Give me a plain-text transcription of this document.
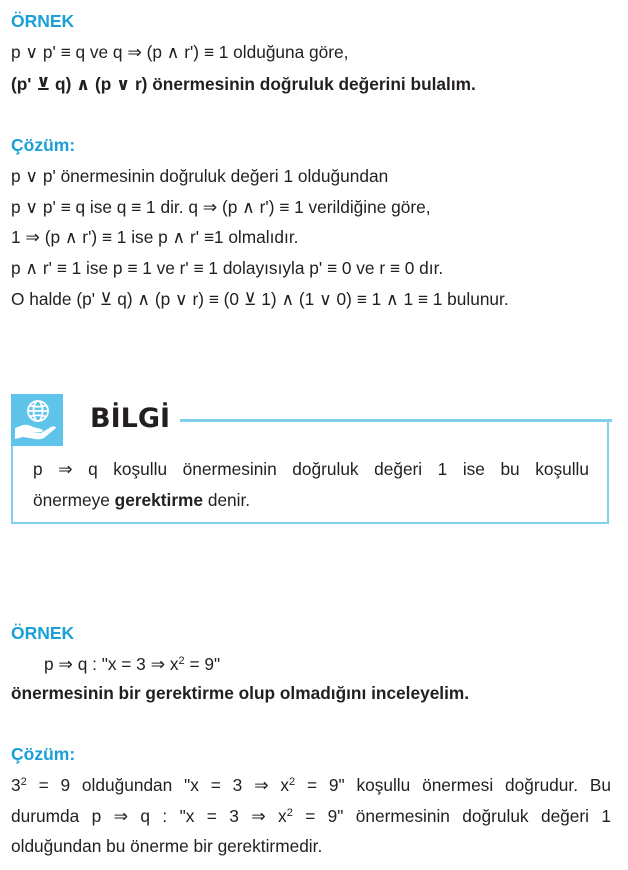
ÖRNEK
p ∨ p' ≡ q ve q ⇒ (p ∧ r') ≡ 1 olduğuna göre,
(p' ⊻ q) ∧ (p ∨ r) önermesinin doğruluk değerini bulalım.
Çözüm:
p ∨ p' önermesinin doğruluk değeri 1 olduğundan
p ∨ p' ≡ q ise q ≡ 1 dir. q ⇒ (p ∧ r') ≡ 1 verildiğine göre,
1 ⇒ (p ∧ r') ≡ 1 ise p ∧ r' ≡1 olmalıdır.
p ∧ r' ≡ 1 ise p ≡ 1 ve r' ≡ 1 dolayısıyla p' ≡ 0 ve r ≡ 0 dır.
O halde (p' ⊻ q) ∧ (p ∨ r) ≡ (0 ⊻ 1) ∧ (1 ∨ 0) ≡ 1 ∧ 1 ≡ 1 bulunur.
BİLGİ
p ⇒ q koşullu önermesinin doğruluk değeri 1 ise bu koşullu
önermeye gerektirme denir.
ÖRNEK
p ⇒ q : "x = 3 ⇒ $x^2 = 9$"
önermesinin bir gerektirme olup olmadığını inceleyelim.
Çözüm:
$3^2 = 9$ olduğundan "x = 3 ⇒ $x^2 = 9$" koşullu önermesi doğrudur. Bu
durumda p ⇒ q : "x = 3 ⇒ $x^2 = 9$" önermesinin doğruluk değeri 1
olduğundan bu önerme bir gerektirmedir.
